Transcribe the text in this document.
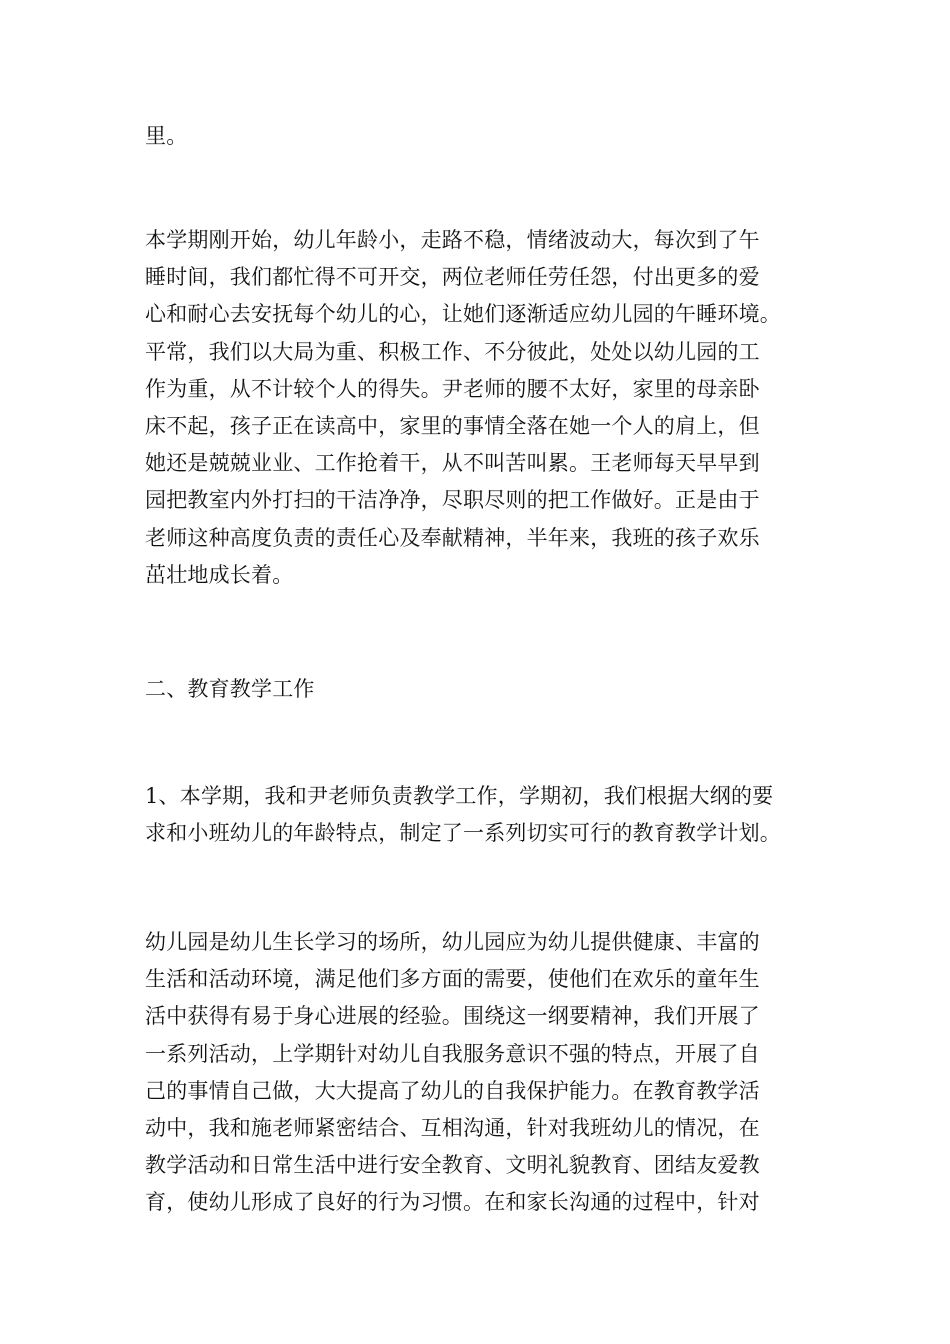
里。

本学期刚开始，幼儿年龄小，走路不稳，情绪波动大，每次到了午
睡时间，我们都忙得不可开交，两位老师任劳任怨，付出更多的爱
心和耐心去安抚每个幼儿的心，让她们逐渐适应幼儿园的午睡环境。
平常，我们以大局为重、积极工作、不分彼此，处处以幼儿园的工
作为重，从不计较个人的得失。尹老师的腰不太好，家里的母亲卧
床不起，孩子正在读高中，家里的事情全落在她一个人的肩上，但
她还是兢兢业业、工作抢着干，从不叫苦叫累。王老师每天早早到
园把教室内外打扫的干洁净净，尽职尽则的把工作做好。正是由于
老师这种高度负责的责任心及奉献精神，半年来，我班的孩子欢乐
茁壮地成长着。

二、教育教学工作

1、本学期，我和尹老师负责教学工作，学期初，我们根据大纲的要
求和小班幼儿的年龄特点，制定了一系列切实可行的教育教学计划。

幼儿园是幼儿生长学习的场所，幼儿园应为幼儿提供健康、丰富的
生活和活动环境，满足他们多方面的需要，使他们在欢乐的童年生
活中获得有易于身心进展的经验。围绕这一纲要精神，我们开展了
一系列活动，上学期针对幼儿自我服务意识不强的特点，开展了自
己的事情自己做，大大提高了幼儿的自我保护能力。在教育教学活
动中，我和施老师紧密结合、互相沟通，针对我班幼儿的情况，在
教学活动和日常生活中进行安全教育、文明礼貌教育、团结友爱教
育，使幼儿形成了良好的行为习惯。在和家长沟通的过程中，针对
